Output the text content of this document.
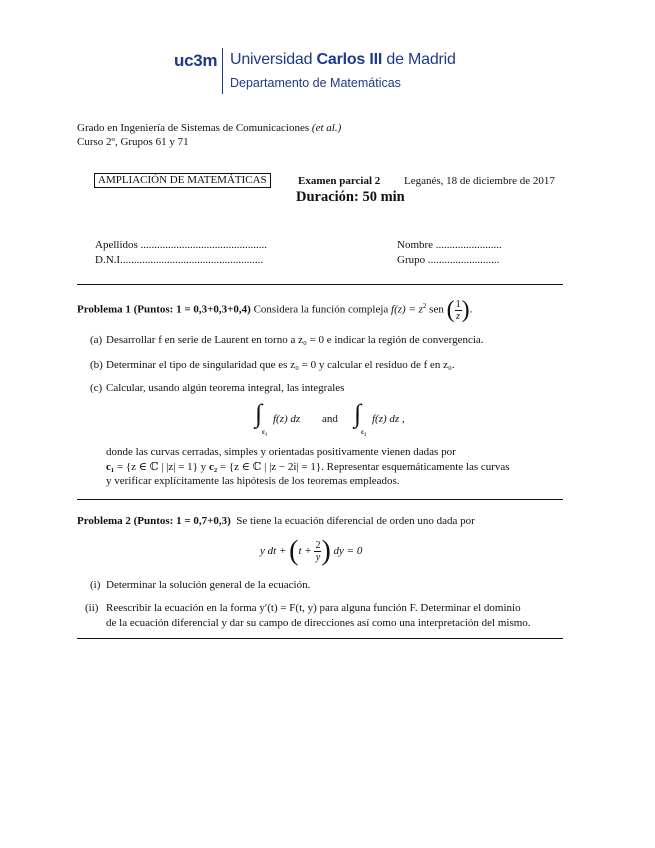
uc3m Universidad Carlos III de Madrid
Departamento de Matemáticas
Grado en Ingeniería de Sistemas de Comunicaciones (et al.)
Curso 2º, Grupos 61 y 71
AMPLIACIÓN DE MATEMÁTICAS	Examen parcial 2 Leganés, 18 de diciembre de 2017
Duración: 50 min
Apellidos ..............................................	Nombre ........................
D.N.I....................................................	Grupo ..........................
Problema 1 (Puntos: 1 = 0,3+0,3+0,4) Considera la función compleja $f(z) = z^2$ sen ( $\frac{1}{z}$ ).
(a) Desarrollar f en serie de Laurent en torno a z₀ = 0 e indicar la región de convergencia.
(b) Determinar el tipo de singularidad que es z₀ = 0 y calcular el residuo de f en z₀.
(c) Calcular, usando algún teorema integral, las integrales
∫
c₁
f(z) dz and ∫
c₂
f(z) dz ,
donde las curvas cerradas, simples y orientadas positivamente vienen dadas por
c₁ = {z ∈ ℂ | |z| = 1} y c₂ = {z ∈ ℂ | |z − 2i| = 1}. Representar esquemáticamente las curvas
y verificar explícitamente las hipótesis de los teoremas empleados.
Problema 2 (Puntos: 1 = 0,7+0,3) Se tiene la ecuación diferencial de orden uno dada por
y dt + ($t + \frac{2}{y}$ ) dy = 0
(i) Determinar la solución general de la ecuación.
(ii) Reescribir la ecuación en la forma y′(t) = F(t, y) para alguna función F. Determinar el dominio
de la ecuación diferencial y dar su campo de direcciones así como una interpretación del mismo.
